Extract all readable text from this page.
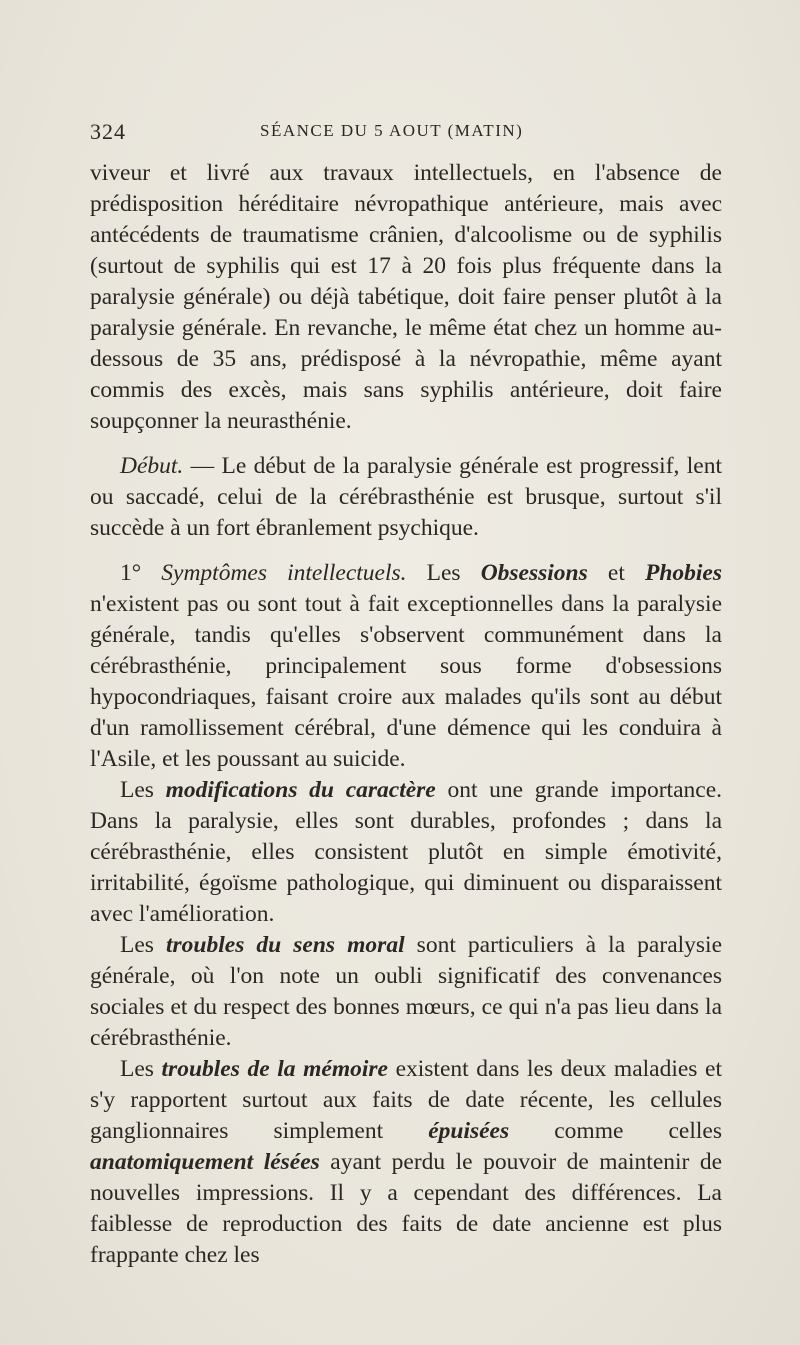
324	SÉANCE DU 5 AOUT (MATIN)

viveur et livré aux travaux intellectuels, en l'absence de prédisposition héréditaire névropathique antérieure, mais avec antécédents de traumatisme crânien, d'alcoolisme ou de syphilis (surtout de syphilis qui est 17 à 20 fois plus fréquente dans la paralysie générale) ou déjà tabétique, doit faire penser plutôt à la paralysie générale. En revanche, le même état chez un homme au-dessous de 35 ans, prédisposé à la névropathie, même ayant commis des excès, mais sans syphilis antérieure, doit faire soupçonner la neurasthénie.

Début. — Le début de la paralysie générale est progressif, lent ou saccadé, celui de la cérébrasthénie est brusque, surtout s'il succède à un fort ébranlement psychique.

1° Symptômes intellectuels. Les Obsessions et Phobies n'existent pas ou sont tout à fait exceptionnelles dans la paralysie générale, tandis qu'elles s'observent communément dans la cérébrasthénie, principalement sous forme d'obsessions hypocondriaques, faisant croire aux malades qu'ils sont au début d'un ramollissement cérébral, d'une démence qui les conduira à l'Asile, et les poussant au suicide.

Les modifications du caractère ont une grande importance. Dans la paralysie, elles sont durables, profondes ; dans la cérébrasthénie, elles consistent plutôt en simple émotivité, irritabilité, égoïsme pathologique, qui diminuent ou disparaissent avec l'amélioration.

Les troubles du sens moral sont particuliers à la paralysie générale, où l'on note un oubli significatif des convenances sociales et du respect des bonnes mœurs, ce qui n'a pas lieu dans la cérébrasthénie.

Les troubles de la mémoire existent dans les deux maladies et s'y rapportent surtout aux faits de date récente, les cellules ganglionnaires simplement épuisées comme celles anatomiquement lésées ayant perdu le pouvoir de maintenir de nouvelles impressions. Il y a cependant des différences. La faiblesse de reproduction des faits de date ancienne est plus frappante chez les
